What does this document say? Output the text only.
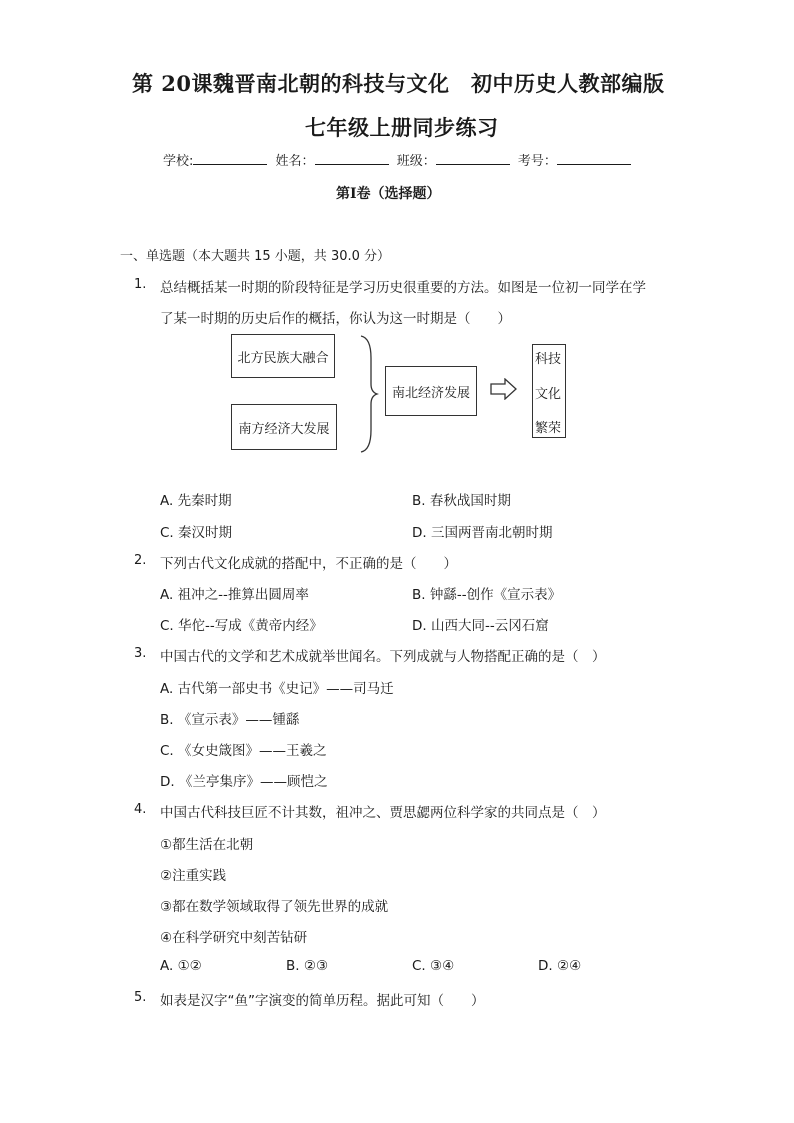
第 20课魏晋南北朝的科技与文化　初中历史人教部编版
七年级上册同步练习
学校:	姓名：	班级：	考号：
第I卷（选择题）
一、单选题（本大题共 15 小题，共 30.0 分）
1. 总结概括某一时期的阶段特征是学习历史很重要的方法。如图是一位初一同学在学
了某一时期的历史后作的概括，你认为这一时期是（　　）
北方民族大融合
南方经济大发展
南北经济发展
科技
文化
繁荣
A. 先秦时期	B. 春秋战国时期
C. 秦汉时期	D. 三国两晋南北朝时期
2. 下列古代文化成就的搭配中，不正确的是（　　）
A. 祖冲之--推算出圆周率	B. 钟繇--创作《宣示表》
C. 华佗--写成《黄帝内经》	D. 山西大同--云冈石窟
3. 中国古代的文学和艺术成就举世闻名。下列成就与人物搭配正确的是（　）
A. 古代第一部史书《史记》——司马迁
B. 《宣示表》——锺繇
C. 《女史箴图》——王羲之
D. 《兰亭集序》——顾恺之
4. 中国古代科技巨匠不计其数，祖冲之、贾思勰两位科学家的共同点是（　）
①都生活在北朝
②注重实践
③都在数学领域取得了领先世界的成就
④在科学研究中刻苦钻研
A. ①②	B. ②③	C. ③④	D. ②④
5. 如表是汉字“鱼”字演变的简单历程。据此可知（　　）
